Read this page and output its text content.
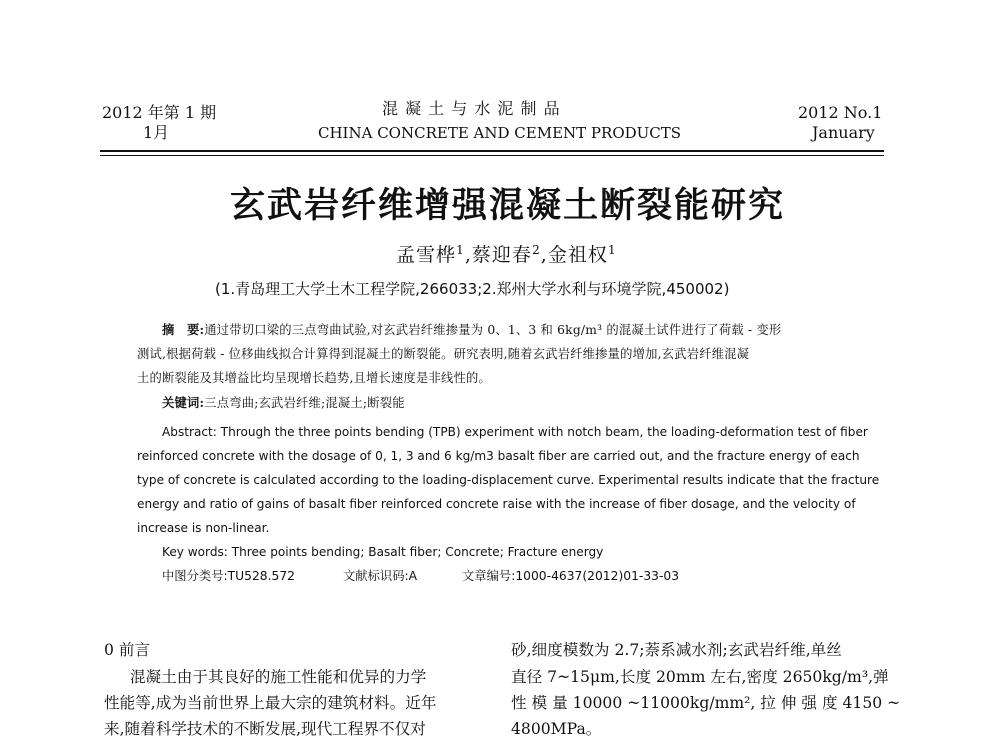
2012 年第 1 期
1月
混 凝 土 与 水 泥 制 品
CHINA CONCRETE AND CEMENT PRODUCTS
2012 No.1
January
玄武岩纤维增强混凝土断裂能研究
孟雪桦$^1$,蔡迎春$^2$,金祖权$^1$
(1.青岛理工大学土木工程学院,266033;2.郑州大学水利与环境学院,450002)
摘　要:通过带切口梁的三点弯曲试验,对玄武岩纤维掺量为 0、1、3 和 6kg/m³ 的混凝土试件进行了荷载 - 变形
测试,根据荷载 - 位移曲线拟合计算得到混凝土的断裂能。研究表明,随着玄武岩纤维掺量的增加,玄武岩纤维混凝
土的断裂能及其增益比均呈现增长趋势,且增长速度是非线性的。
关键词:三点弯曲;玄武岩纤维;混凝土;断裂能
Abstract: Through the three points bending (TPB) experiment with notch beam, the loading-deformation test of fiber
reinforced concrete with the dosage of 0, 1, 3 and 6 kg/m3 basalt fiber are carried out, and the fracture energy of each
type of concrete is calculated according to the loading-displacement curve. Experimental results indicate that the fracture
energy and ratio of gains of basalt fiber reinforced concrete raise with the increase of fiber dosage, and the velocity of
increase is non-linear.
Key words: Three points bending; Basalt fiber; Concrete; Fracture energy
中图分类号:TU528.572	文献标识码:A	文章编号:1000-4637(2012)01-33-03
0 前言
混凝土由于其良好的施工性能和优异的力学
性能等,成为当前世界上最大宗的建筑材料。近年
来,随着科学技术的不断发展,现代工程界不仅对
砂,细度模数为 2.7;萘系减水剂;玄武岩纤维,单丝
直径 7~15μm,长度 20mm 左右,密度 2650kg/m³,弹
性 模 量 10000 ~11000kg/mm², 拉 伸 强 度 4150 ~
4800MPa。
